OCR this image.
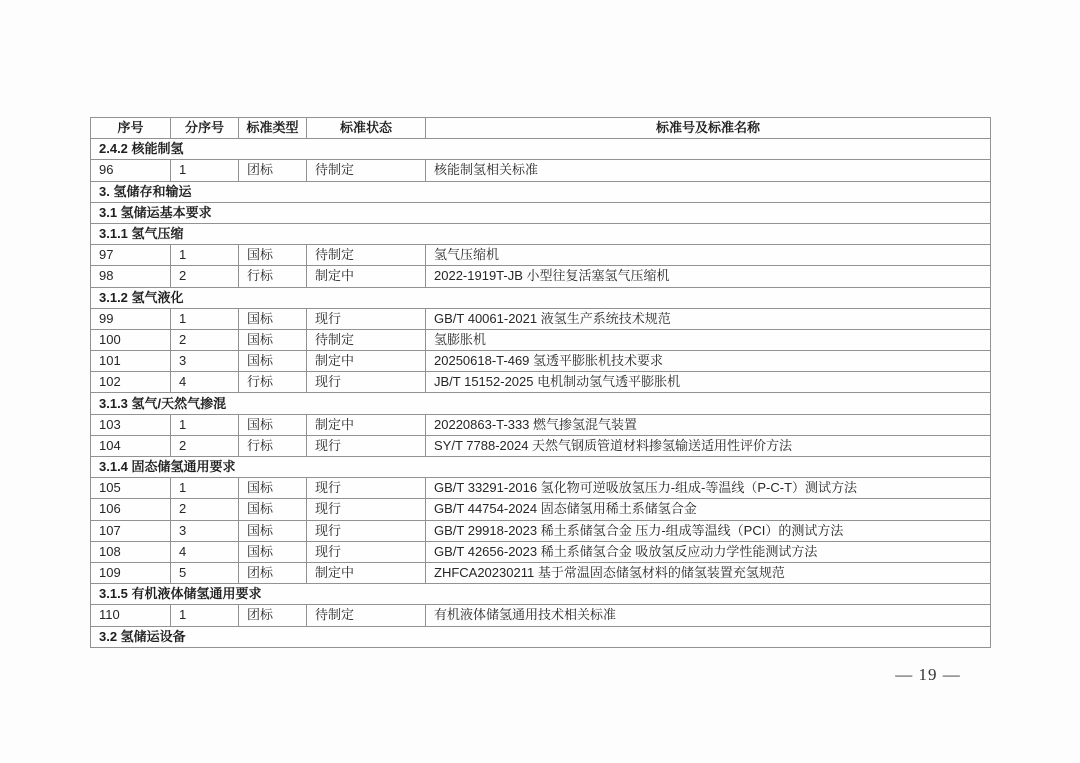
序号	分序号	标准类型	标准状态	标准号及标准名称
2.4.2 核能制氢				
96	1	团标	待制定	核能制氢相关标准
3. 氢储存和输运				
3.1 氢储运基本要求				
3.1.1 氢气压缩				
97	1	国标	待制定	氢气压缩机
98	2	行标	制定中	2022-1919T-JB 小型往复活塞氢气压缩机
3.1.2 氢气液化				
99	1	国标	现行	GB/T 40061-2021 液氢生产系统技术规范
100	2	国标	待制定	氢膨胀机
101	3	国标	制定中	20250618-T-469 氢透平膨胀机技术要求
102	4	行标	现行	JB/T 15152-2025 电机制动氢气透平膨胀机
3.1.3 氢气/天然气掺混				
103	1	国标	制定中	20220863-T-333 燃气掺氢混气装置
104	2	行标	现行	SY/T 7788-2024 天然气钢质管道材料掺氢输送适用性评价方法
3.1.4 固态储氢通用要求				
105	1	国标	现行	GB/T 33291-2016 氢化物可逆吸放氢压力-组成-等温线（P-C-T）测试方法
106	2	国标	现行	GB/T 44754-2024 固态储氢用稀土系储氢合金
107	3	国标	现行	GB/T 29918-2023 稀土系储氢合金 压力-组成等温线（PCI）的测试方法
108	4	国标	现行	GB/T 42656-2023 稀土系储氢合金 吸放氢反应动力学性能测试方法
109	5	团标	制定中	ZHFCA20230211 基于常温固态储氢材料的储氢装置充氢规范
3.1.5 有机液体储氢通用要求				
110	1	团标	待制定	有机液体储氢通用技术相关标准
3.2 氢储运设备				
— 19 —
